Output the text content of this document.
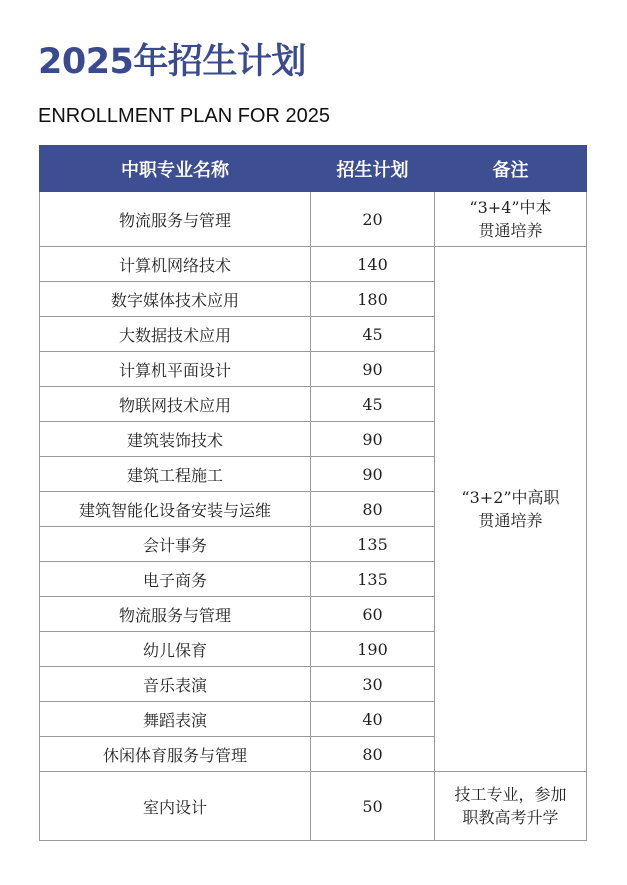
2025年招生计划
ENROLLMENT PLAN FOR 2025
中职专业名称	招生计划	备注
物流服务与管理	20	“3+4”中本
贯通培养

计算机网络技术	140	“3+2”中高职
贯通培养

数字媒体技术应用	180	
大数据技术应用	45	
计算机平面设计	90	
物联网技术应用	45	
建筑装饰技术	90	
建筑工程施工	90	
建筑智能化设备安装与运维	80	
会计事务	135	
电子商务	135	
物流服务与管理	60	
幼儿保育	190	
音乐表演	30	
舞蹈表演	40	
休闲体育服务与管理	80	
室内设计	50	技工专业，参加
职教高考升学
